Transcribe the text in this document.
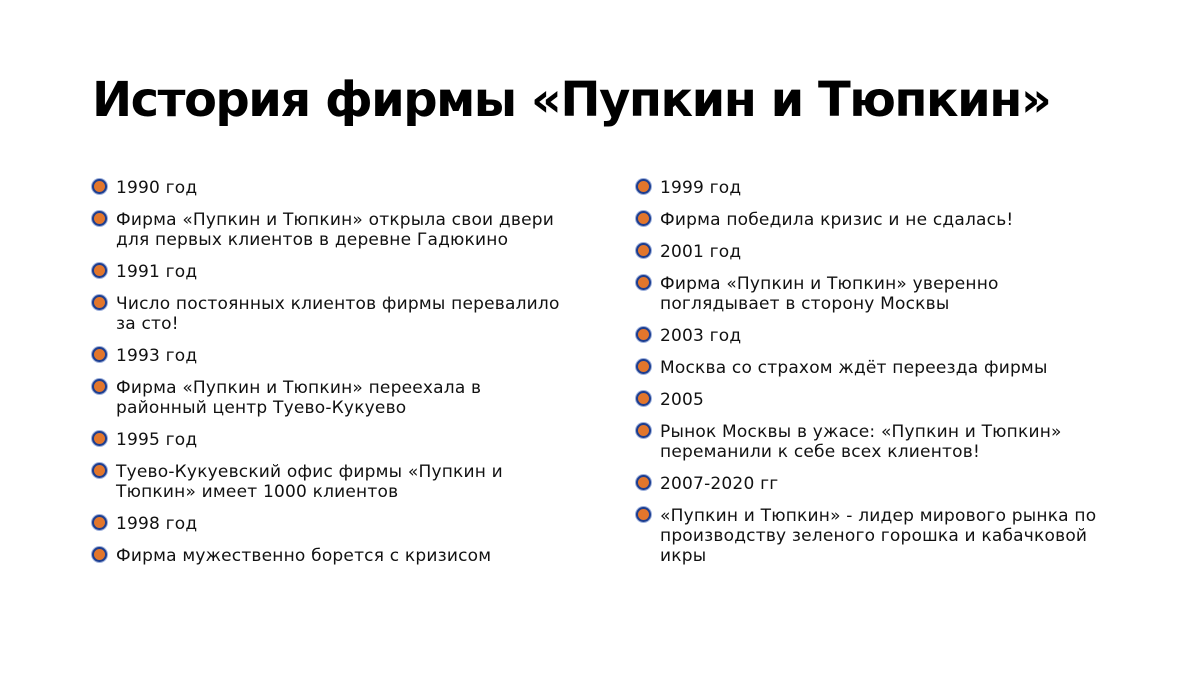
История фирмы «Пупкин и Тюпкин»
1990 год
Фирма «Пупкин и Тюпкин» открыла свои двери для первых клиентов в деревне Гадюкино
1991 год
Число постоянных клиентов фирмы перевалило за сто!
1993 год
Фирма «Пупкин и Тюпкин» переехала в районный центр Туево-Кукуево
1995 год
Туево-Кукуевский офис фирмы «Пупкин и Тюпкин» имеет 1000 клиентов
1998 год
Фирма мужественно борется с кризисом
1999 год
Фирма победила кризис и не сдалась!
2001 год
Фирма «Пупкин и Тюпкин» уверенно поглядывает в сторону Москвы
2003 год
Москва со страхом ждёт переезда фирмы
2005
Рынок Москвы в ужасе: «Пупкин и Тюпкин» переманили к себе всех клиентов!
2007-2020 гг
«Пупкин и Тюпкин» - лидер мирового рынка по производству зеленого горошка и кабачковой икры
